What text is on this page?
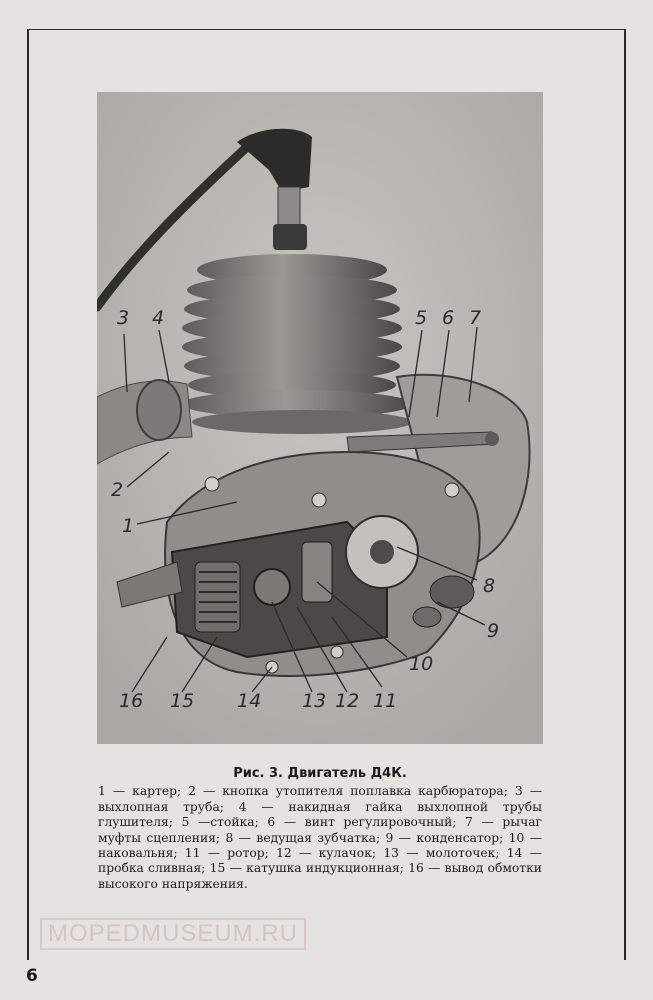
3 4	5 6 7
2
1
8
9
10
11
12
13
14
15
16
Рис. 3. Двигатель Д4К.
1 — картер; 2 — кнопка утопителя поплавка карбюратора; 3 — выхлопная труба; 4 — накидная гайка выхлопной трубы глушителя; 5 —стойка; 6 — винт регулировочный; 7 — рычаг муфты сцепления; 8 — ведущая зубчатка; 9 — конденсатор; 10 — наковальня; 11 — ротор; 12 — кулачок; 13 — молоточек; 14 — пробка сливная; 15 — катушка индукционная; 16 — вывод обмотки высокого напряжения.
MOPEDMUSEUM.RU
6
